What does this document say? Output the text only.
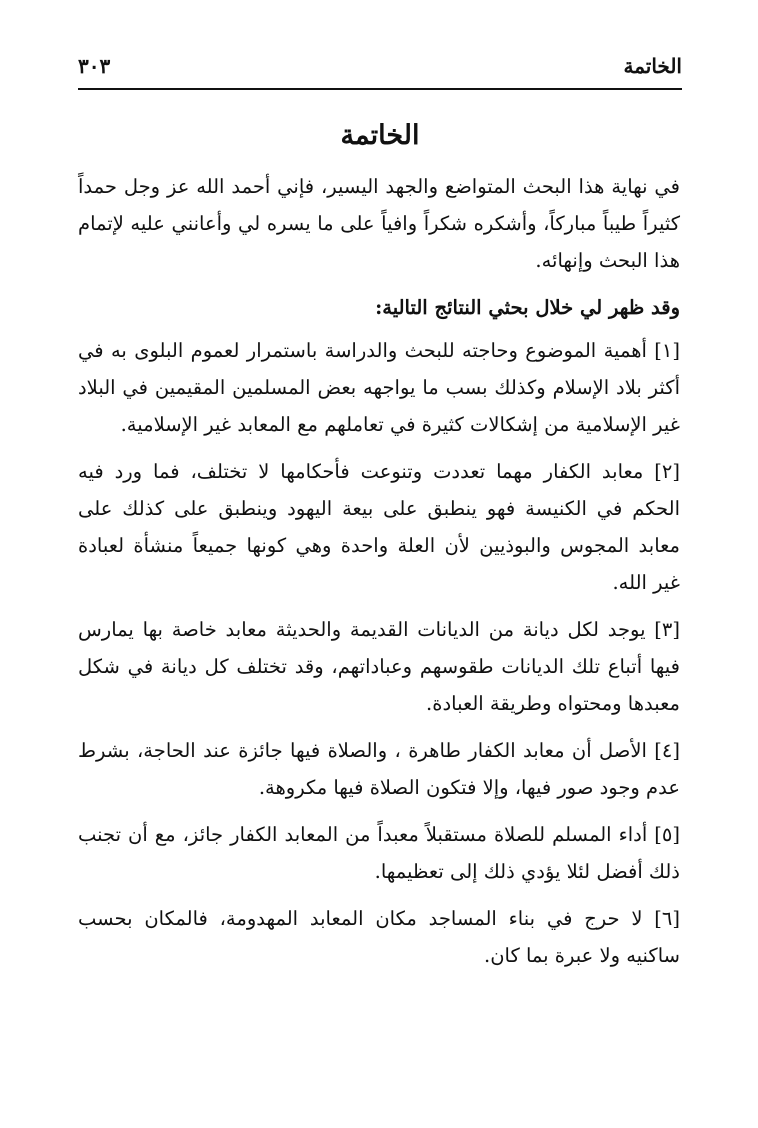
الخاتمة
٣٠٣
الخاتمة

في نهاية هذا البحث المتواضع والجهد اليسير، فإني أحمد الله عز وجل حمداً كثيراً طيباً مباركاً، وأشكره شكراً وافياً على ما يسره لي وأعانني عليه لإتمام هذا البحث وإنهائه.

وقد ظهر لي خلال بحثي النتائج التالية:

[١] أهمية الموضوع وحاجته للبحث والدراسة باستمرار لعموم البلوى به في أكثر بلاد الإسلام وكذلك بسب ما يواجهه بعض المسلمين المقيمين في البلاد غير الإسلامية من إشكالات كثيرة في تعاملهم مع المعابد غير الإسلامية.

[٢] معابد الكفار مهما تعددت وتنوعت فأحكامها لا تختلف، فما ورد فيه الحكم في الكنيسة فهو ينطبق على بيعة اليهود وينطبق على كذلك على معابد المجوس والبوذيين لأن العلة واحدة وهي كونها جميعاً منشأة لعبادة غير الله.

[٣] يوجد لكل ديانة من الديانات القديمة والحديثة معابد خاصة بها يمارس فيها أتباع تلك الديانات طقوسهم وعباداتهم، وقد تختلف كل ديانة في شكل معبدها ومحتواه وطريقة العبادة.

[٤] الأصل أن معابد الكفار طاهرة ، والصلاة فيها جائزة عند الحاجة، بشرط عدم وجود صور فيها، وإلا فتكون الصلاة فيها مكروهة.

[٥] أداء المسلم للصلاة مستقبلاً معبداً من المعابد الكفار جائز، مع أن تجنب ذلك أفضل لئلا يؤدي ذلك إلى تعظيمها.

[٦] لا حرج في بناء المساجد مكان المعابد المهدومة، فالمكان بحسب ساكنيه ولا عبرة بما كان.
